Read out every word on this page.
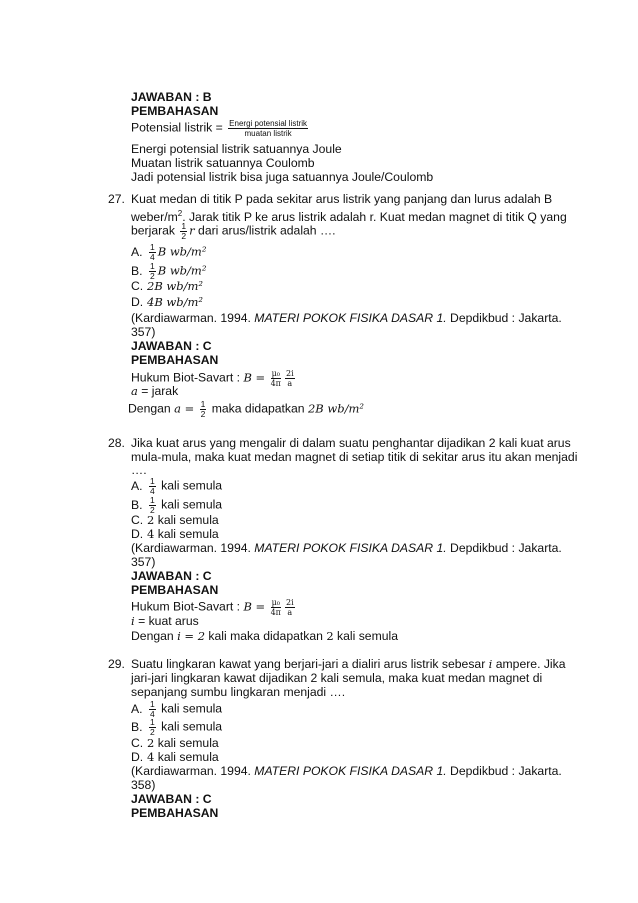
JAWABAN : B
PEMBAHASAN
Potensial listrik = $\frac{\text{Energi potensial listrik}}{\text{muatan listrik}}$
Energi potensial listrik satuannya Joule
Muatan listrik satuannya Coulomb
Jadi potensial listrik bisa juga satuannya Joule/Coulomb
27. Kuat medan di titik P pada sekitar arus listrik yang panjang dan lurus adalah B
weber/$m^2$. Jarak titik P ke arus listrik adalah r. Kuat medan magnet di titik Q yang
berjarak $\frac{1}{2}$ r dari arus/listrik adalah ….
A. $\frac{1}{4}$ B wb/m²
B. $\frac{1}{2}$ B wb/m²
C. 2B wb/m²
D. 4B wb/m²
(Kardiawarman. 1994. MATERI POKOK FISIKA DASAR 1. Depdikbud : Jakarta.
357)
JAWABAN : C
PEMBAHASAN
Hukum Biot-Savart : $B = \frac{\text{μ₀}}{4\pi} \frac{2i}{a}$
a = jarak
Dengan $a = \frac{1}{2}$ maka didapatkan 2B wb/m²
28. Jika kuat arus yang mengalir di dalam suatu penghantar dijadikan 2 kali kuat arus
mula-mula, maka kuat medan magnet di setiap titik di sekitar arus itu akan menjadi
….
A. $\frac{1}{4}$ kali semula
B. $\frac{1}{2}$ kali semula
C. 2 kali semula
D. 4 kali semula
(Kardiawarman. 1994. MATERI POKOK FISIKA DASAR 1. Depdikbud : Jakarta.
357)
JAWABAN : C
PEMBAHASAN
Hukum Biot-Savart : $B = \frac{\text{μ₀}}{4\pi} \frac{2i}{a}$
i = kuat arus
Dengan i = 2 kali maka didapatkan 2 kali semula
29. Suatu lingkaran kawat yang berjari-jari a dialiri arus listrik sebesar i ampere. Jika
jari-jari lingkaran kawat dijadikan 2 kali semula, maka kuat medan magnet di
sepanjang sumbu lingkaran menjadi ….
A. $\frac{1}{4}$ kali semula
B. $\frac{1}{2}$ kali semula
C. 2 kali semula
D. 4 kali semula
(Kardiawarman. 1994. MATERI POKOK FISIKA DASAR 1. Depdikbud : Jakarta.
358)
JAWABAN : C
PEMBAHASAN
